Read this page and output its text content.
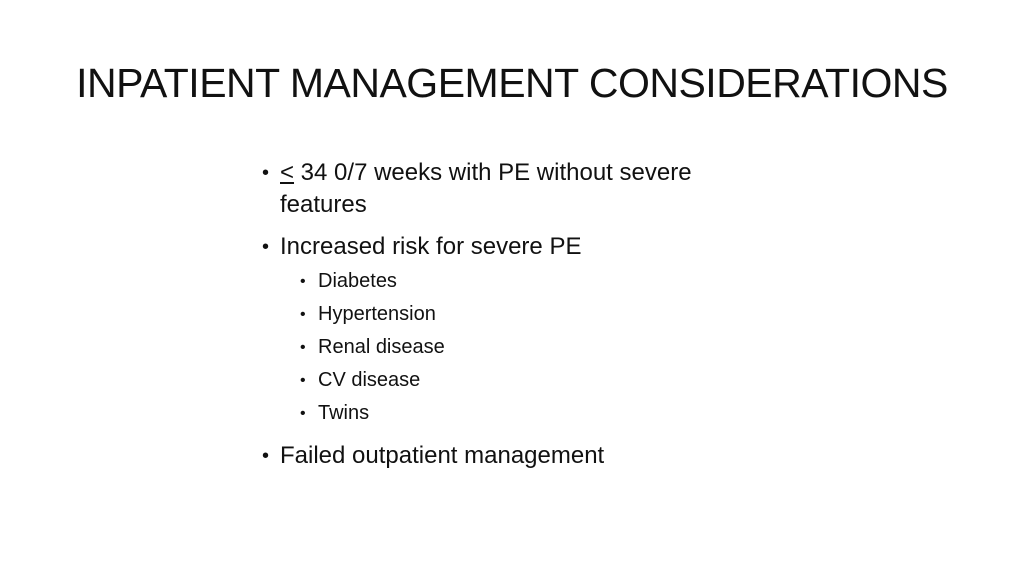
INPATIENT MANAGEMENT CONSIDERATIONS
• < 34 0/7 weeks with PE without severe features
• Increased risk for severe PE
• Diabetes
• Hypertension
• Renal disease
• CV disease
• Twins
• Failed outpatient management
